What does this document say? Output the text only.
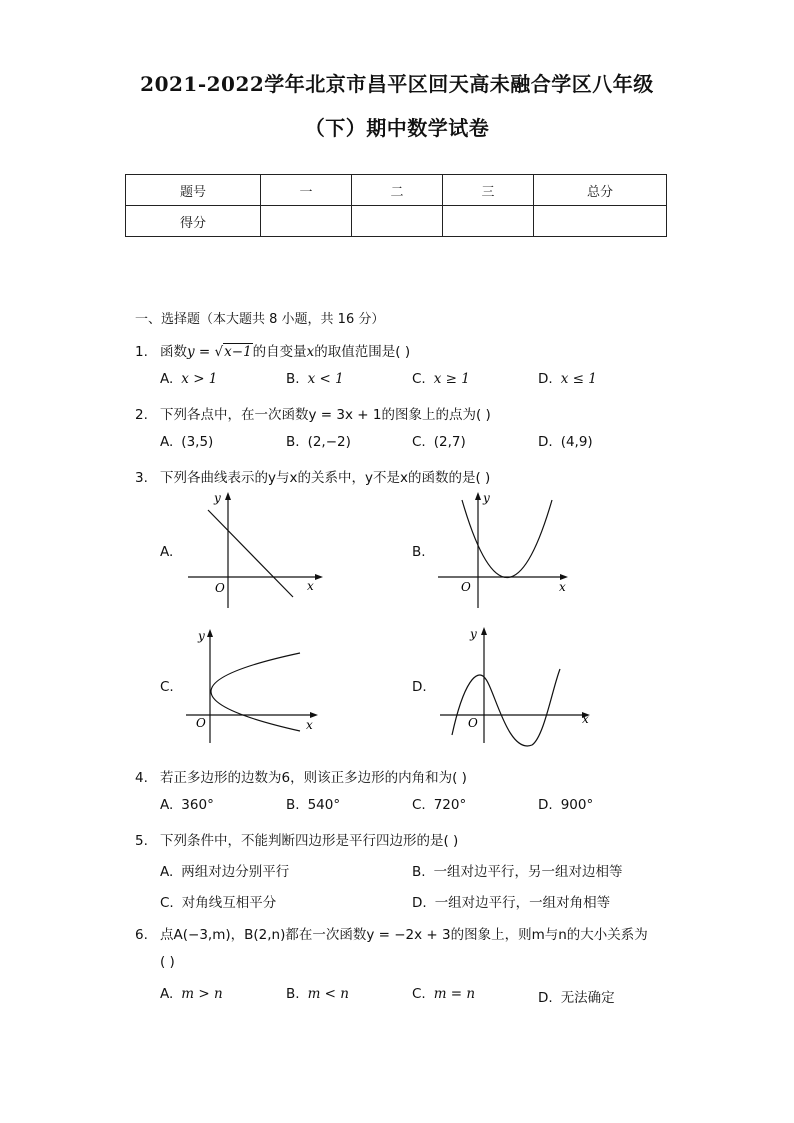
2021-2022学年北京市昌平区回天高未融合学区八年级
（下）期中数学试卷
题号	一	二	三	总分
得分				
一、选择题（本大题共 8 小题，共 16 分）
1. 函数y = √x−1的自变量x的取值范围是( )
A. x > 1	B. x < 1	C. x ≥ 1	D. x ≤ 1
2. 下列各点中，在一次函数y = 3x + 1的图象上的点为( )
A. (3,5)	B. (2,−2)	C. (2,7)	D. (4,9)
3. 下列各曲线表示的y与x的关系中，y不是x的函数的是( )
A.
y
x
O
B.
y
x
O
C.
y
x
O
D.
y
x
O
4. 若正多边形的边数为6，则该正多边形的内角和为( )
A. 360°	B. 540°	C. 720°	D. 900°
5. 下列条件中，不能判断四边形是平行四边形的是( )
A. 两组对边分别平行	B. 一组对边平行，另一组对边相等
C. 对角线互相平分	D. 一组对边平行，一组对角相等
6. 点A(−3,m)，B(2,n)都在一次函数y = −2x + 3的图象上，则m与n的大小关系为
( )
A. m > n	B. m < n	C. m = n	D. 无法确定
